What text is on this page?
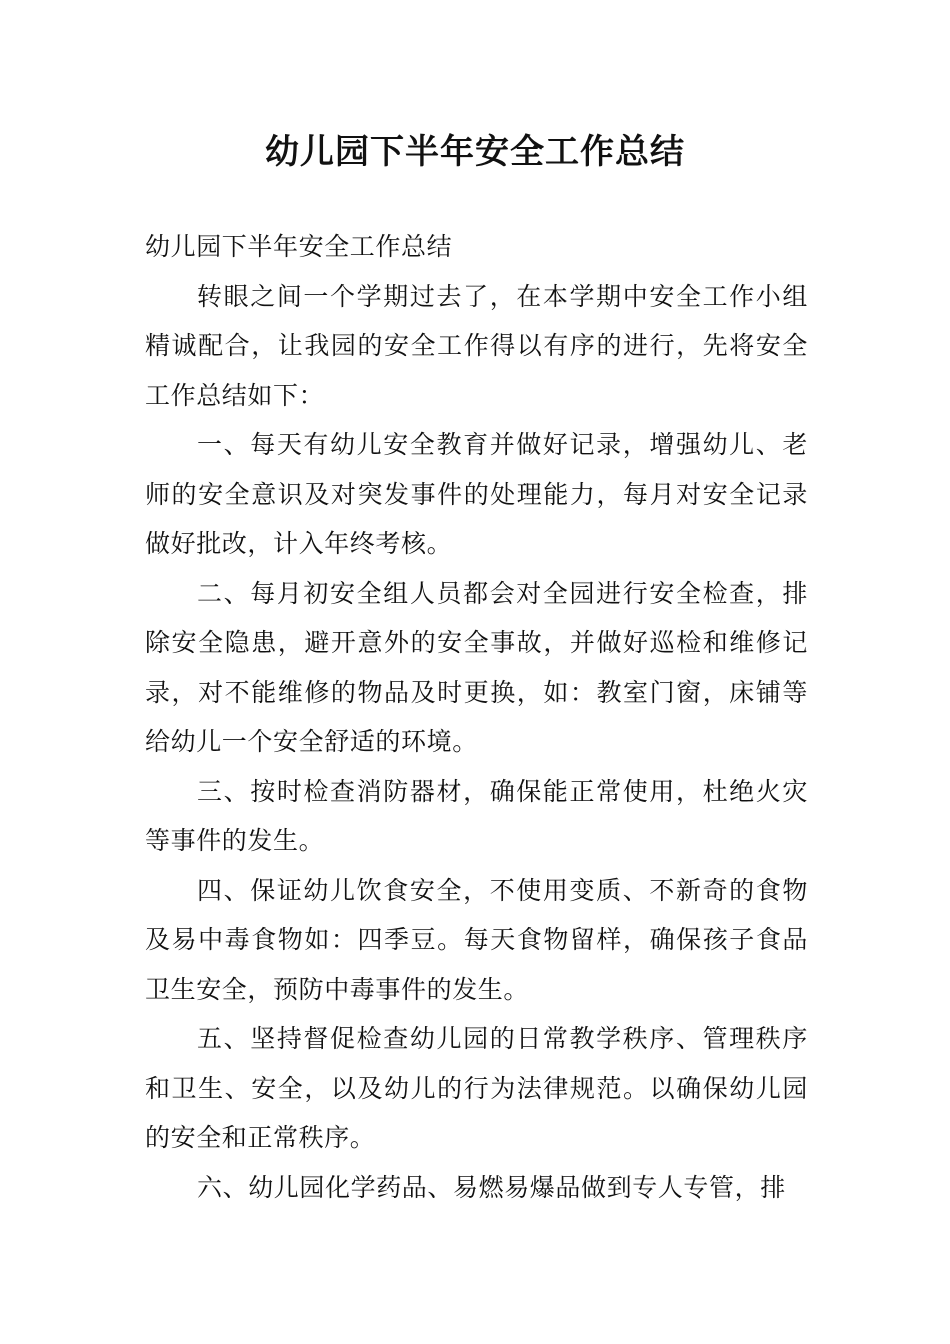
幼儿园下半年安全工作总结

幼儿园下半年安全工作总结

转眼之间一个学期过去了，在本学期中安全工作小组精诚配合，让我园的安全工作得以有序的进行，先将安全工作总结如下：

一、每天有幼儿安全教育并做好记录，增强幼儿、老师的安全意识及对突发事件的处理能力，每月对安全记录做好批改，计入年终考核。

二、每月初安全组人员都会对全园进行安全检查，排除安全隐患，避开意外的安全事故，并做好巡检和维修记录，对不能维修的物品及时更换，如：教室门窗，床铺等给幼儿一个安全舒适的环境。

三、按时检查消防器材，确保能正常使用，杜绝火灾等事件的发生。

四、保证幼儿饮食安全，不使用变质、不新奇的食物及易中毒食物如：四季豆。每天食物留样，确保孩子食品卫生安全，预防中毒事件的发生。

五、坚持督促检查幼儿园的日常教学秩序、管理秩序和卫生、安全，以及幼儿的行为法律规范。以确保幼儿园的安全和正常秩序。

六、幼儿园化学药品、易燃易爆品做到专人专管，排
